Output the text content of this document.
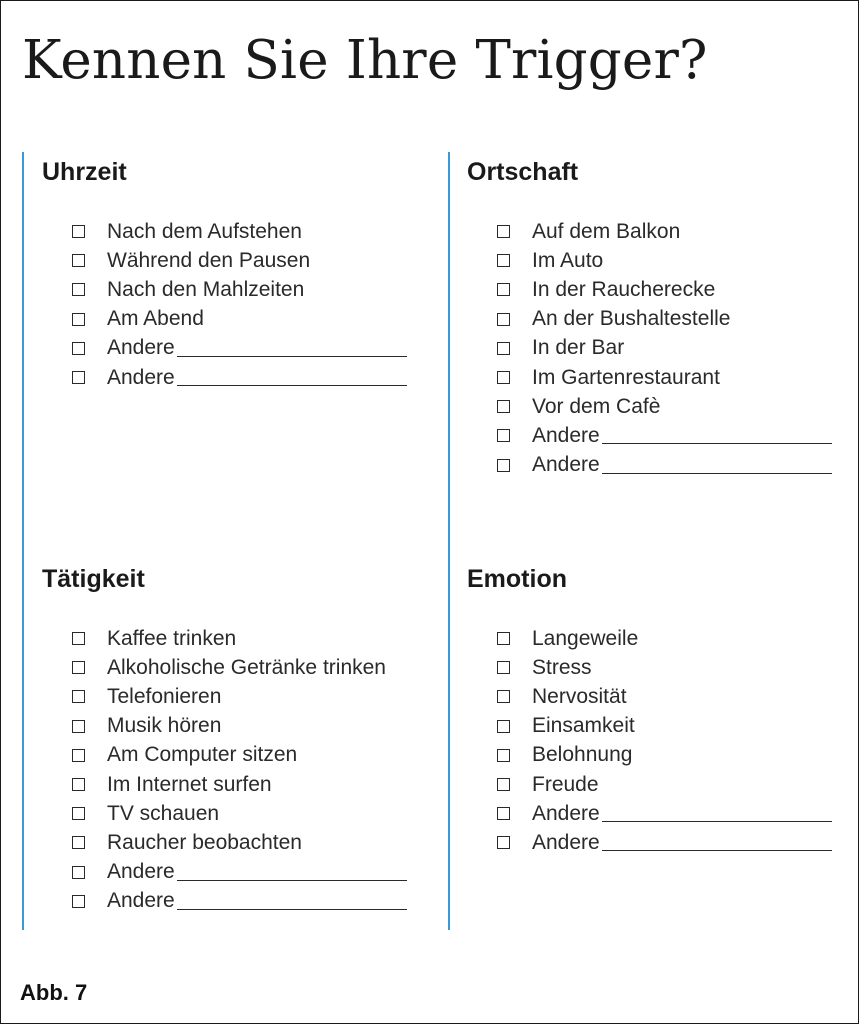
Kennen Sie Ihre Trigger?
Uhrzeit
Nach dem Aufstehen
Während den Pausen
Nach den Mahlzeiten
Am Abend
Andere
Andere
Ortschaft
Auf dem Balkon
Im Auto
In der Raucherecke
An der Bushaltestelle
In der Bar
Im Gartenrestaurant
Vor dem Cafè
Andere
Andere
Tätigkeit
Kaffee trinken
Alkoholische Getränke trinken
Telefonieren
Musik hören
Am Computer sitzen
Im Internet surfen
TV schauen
Raucher beobachten
Andere
Andere
Emotion
Langeweile
Stress
Nervosität
Einsamkeit
Belohnung
Freude
Andere
Andere
Abb. 7
